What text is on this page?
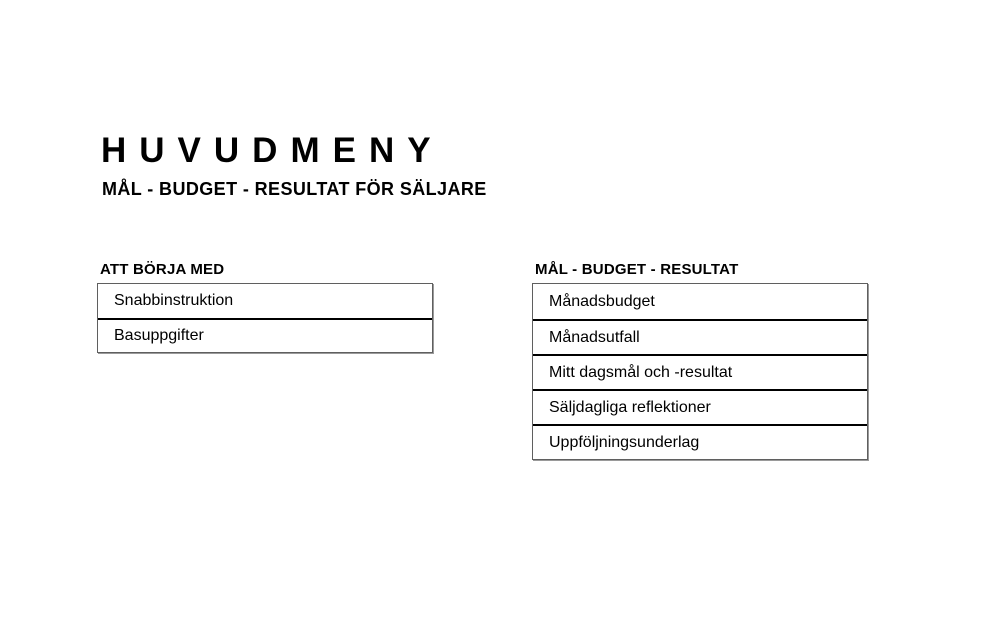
HUVUDMENY
MÅL - BUDGET - RESULTAT FÖR SÄLJARE
ATT BÖRJA MED
Snabbinstruktion
Basuppgifter
MÅL - BUDGET - RESULTAT
Månadsbudget
Månadsutfall
Mitt dagsmål och -resultat
Säljdagliga reflektioner
Uppföljningsunderlag
